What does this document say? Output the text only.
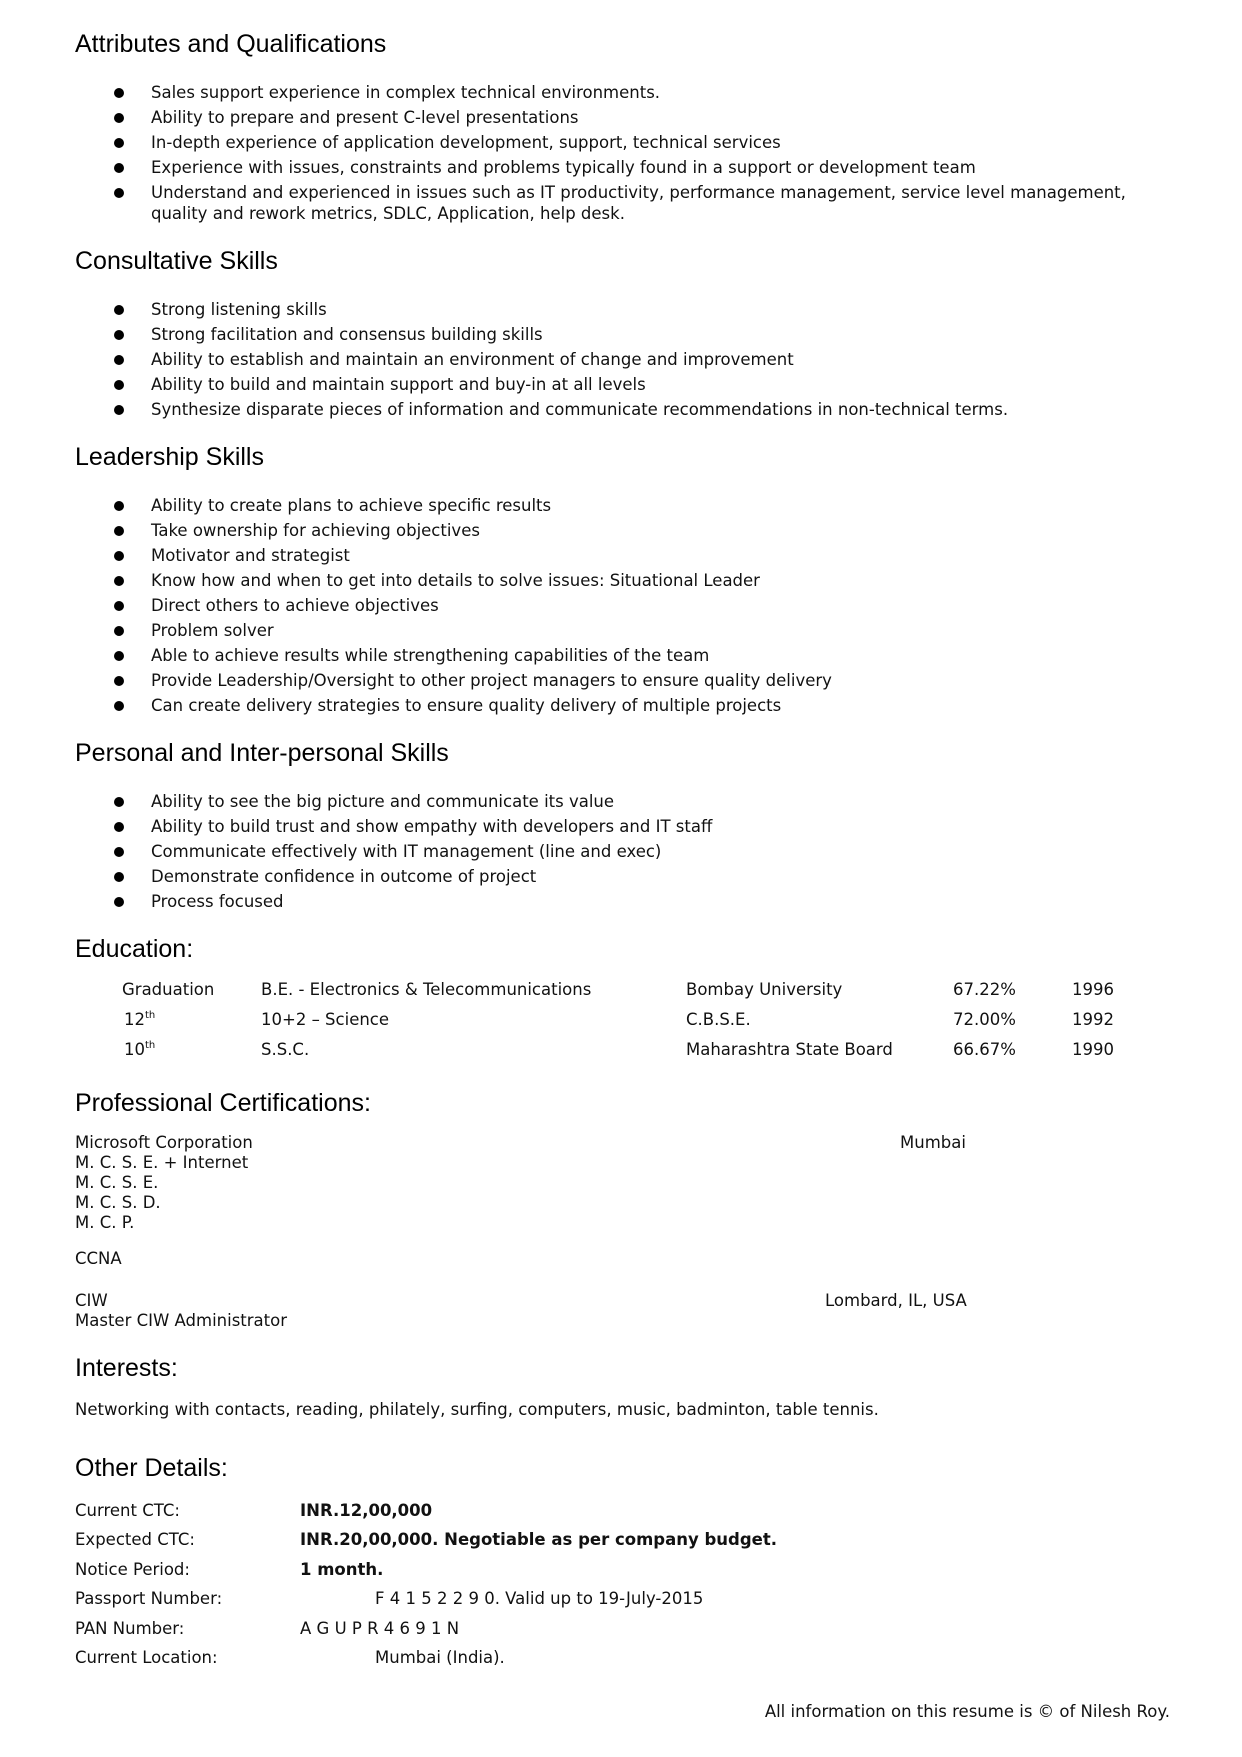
Attributes and Qualifications
Sales support experience in complex technical environments.
Ability to prepare and present C-level presentations
In-depth experience of application development, support, technical services
Experience with issues, constraints and problems typically found in a support or development team
Understand and experienced in issues such as IT productivity, performance management, service level management,
quality and rework metrics, SDLC, Application, help desk.
Consultative Skills
Strong listening skills
Strong facilitation and consensus building skills
Ability to establish and maintain an environment of change and improvement
Ability to build and maintain support and buy-in at all levels
Synthesize disparate pieces of information and communicate recommendations in non-technical terms.
Leadership Skills
Ability to create plans to achieve specific results
Take ownership for achieving objectives
Motivator and strategist
Know how and when to get into details to solve issues: Situational Leader
Direct others to achieve objectives
Problem solver
Able to achieve results while strengthening capabilities of the team
Provide Leadership/Oversight to other project managers to ensure quality delivery
Can create delivery strategies to ensure quality delivery of multiple projects
Personal and Inter-personal Skills
Ability to see the big picture and communicate its value
Ability to build trust and show empathy with developers and IT staff
Communicate effectively with IT management (line and exec)
Demonstrate confidence in outcome of project
Process focused
Education:
Graduation	B.E. - Electronics & Telecommunications	Bombay University	67.22%	1996
12th	10+2 – Science	C.B.S.E.	72.00%	1992
10th	S.S.C.	Maharashtra State Board	66.67%	1990
Professional Certifications:
Microsoft Corporation	Mumbai
M. C. S. E. + Internet
M. C. S. E.
M. C. S. D.
M. C. P.
CCNA
CIW	Lombard, IL, USA
Master CIW Administrator
Interests:
Networking with contacts, reading, philately, surfing, computers, music, badminton, table tennis.
Other Details:
Current CTC:	INR.12,00,000
Expected CTC:	INR.20,00,000. Negotiable as per company budget.
Notice Period:	1 month.
Passport Number:	F 4 1 5 2 2 9 0. Valid up to 19-July-2015
PAN Number:	A G U P R 4 6 9 1 N
Current Location:	Mumbai (India).
All information on this resume is © of Nilesh Roy.
